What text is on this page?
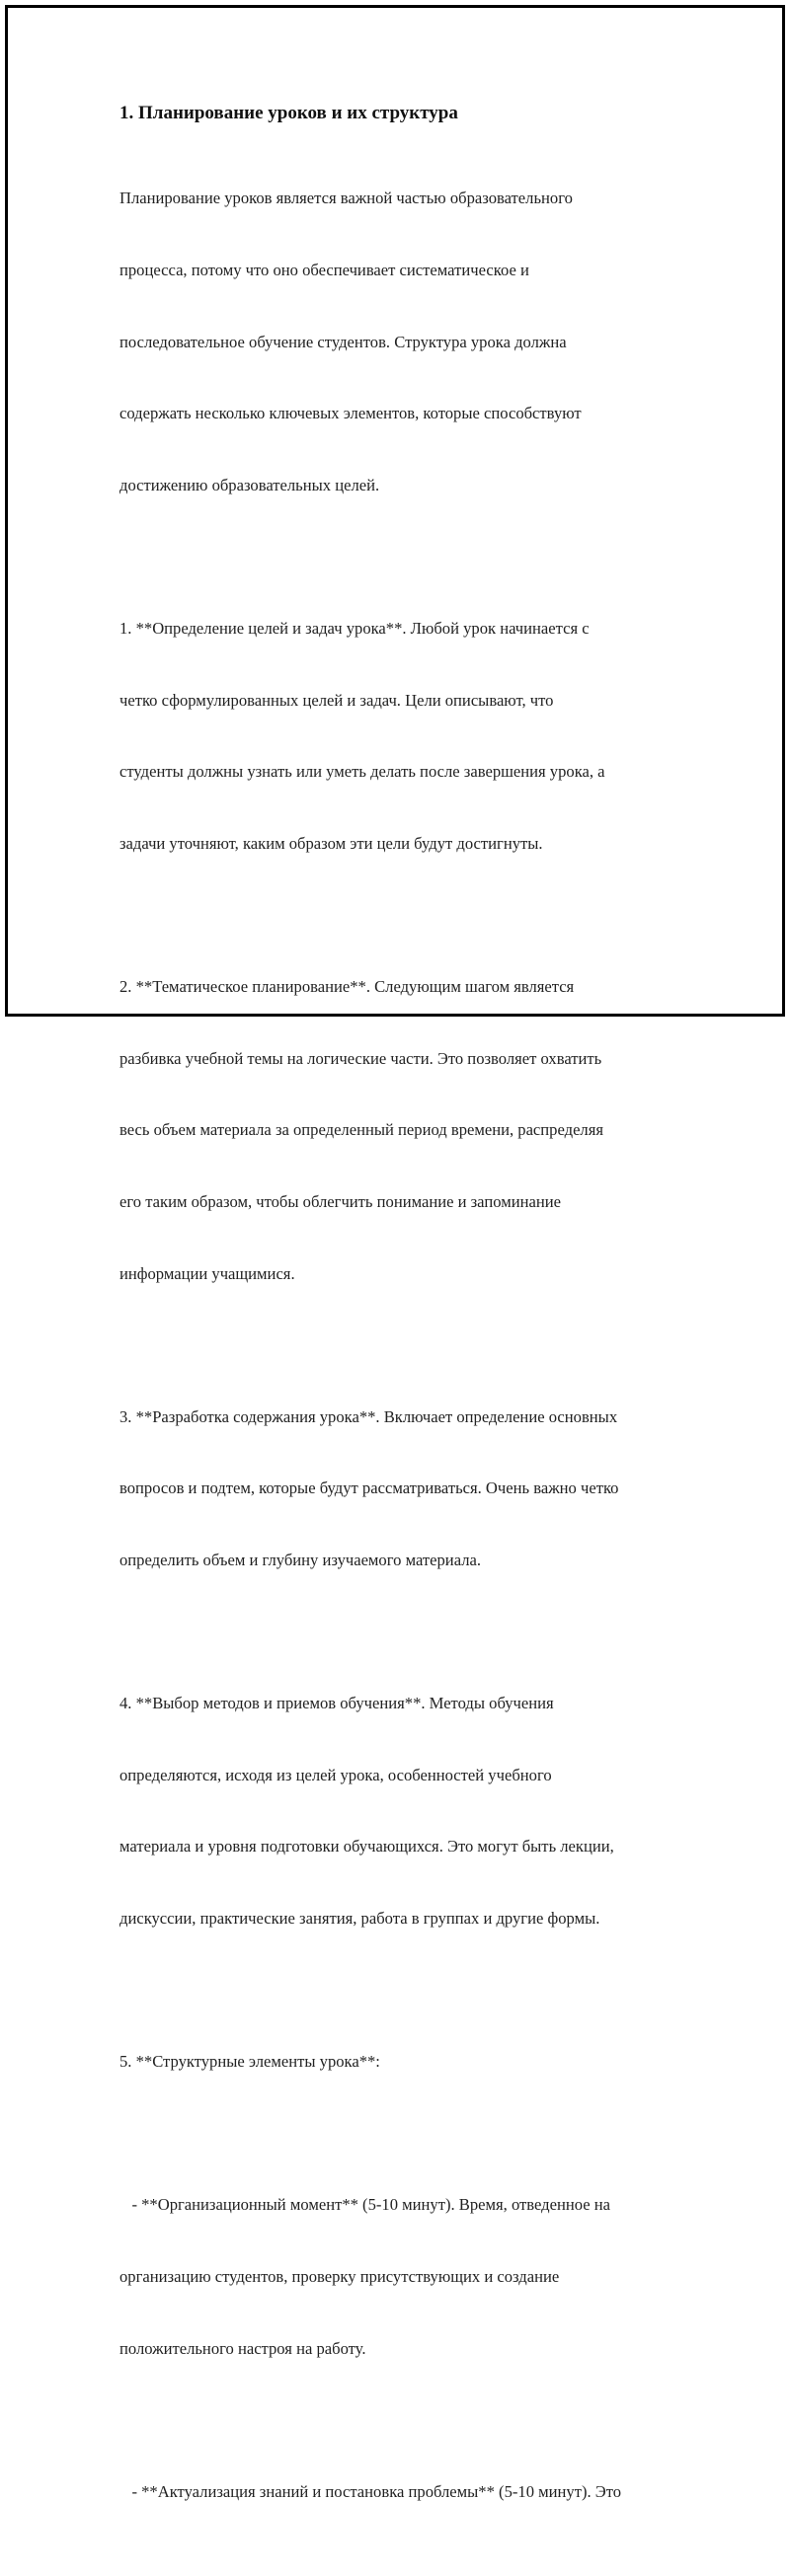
1. Планирование уроков и их структура

Планирование уроков является важной частью образовательного

процесса, потому что оно обеспечивает систематическое и

последовательное обучение студентов. Структура урока должна

содержать несколько ключевых элементов, которые способствуют

достижению образовательных целей.

1. **Определение целей и задач урока**. Любой урок начинается с

четко сформулированных целей и задач. Цели описывают, что

студенты должны узнать или уметь делать после завершения урока, а

задачи уточняют, каким образом эти цели будут достигнуты.

2. **Тематическое планирование**. Следующим шагом является

разбивка учебной темы на логические части. Это позволяет охватить

весь объем материала за определенный период времени, распределяя

его таким образом, чтобы облегчить понимание и запоминание

информации учащимися.

3. **Разработка содержания урока**. Включает определение основных

вопросов и подтем, которые будут рассматриваться. Очень важно четко

определить объем и глубину изучаемого материала.

4. **Выбор методов и приемов обучения**. Методы обучения

определяются, исходя из целей урока, особенностей учебного

материала и уровня подготовки обучающихся. Это могут быть лекции,

дискуссии, практические занятия, работа в группах и другие формы.

5. **Структурные элементы урока**:

- **Организационный момент** (5-10 минут). Время, отведенное на

организацию студентов, проверку присутствующих и создание

положительного настроя на работу.

- **Актуализация знаний и постановка проблемы** (5-10 минут). Это
